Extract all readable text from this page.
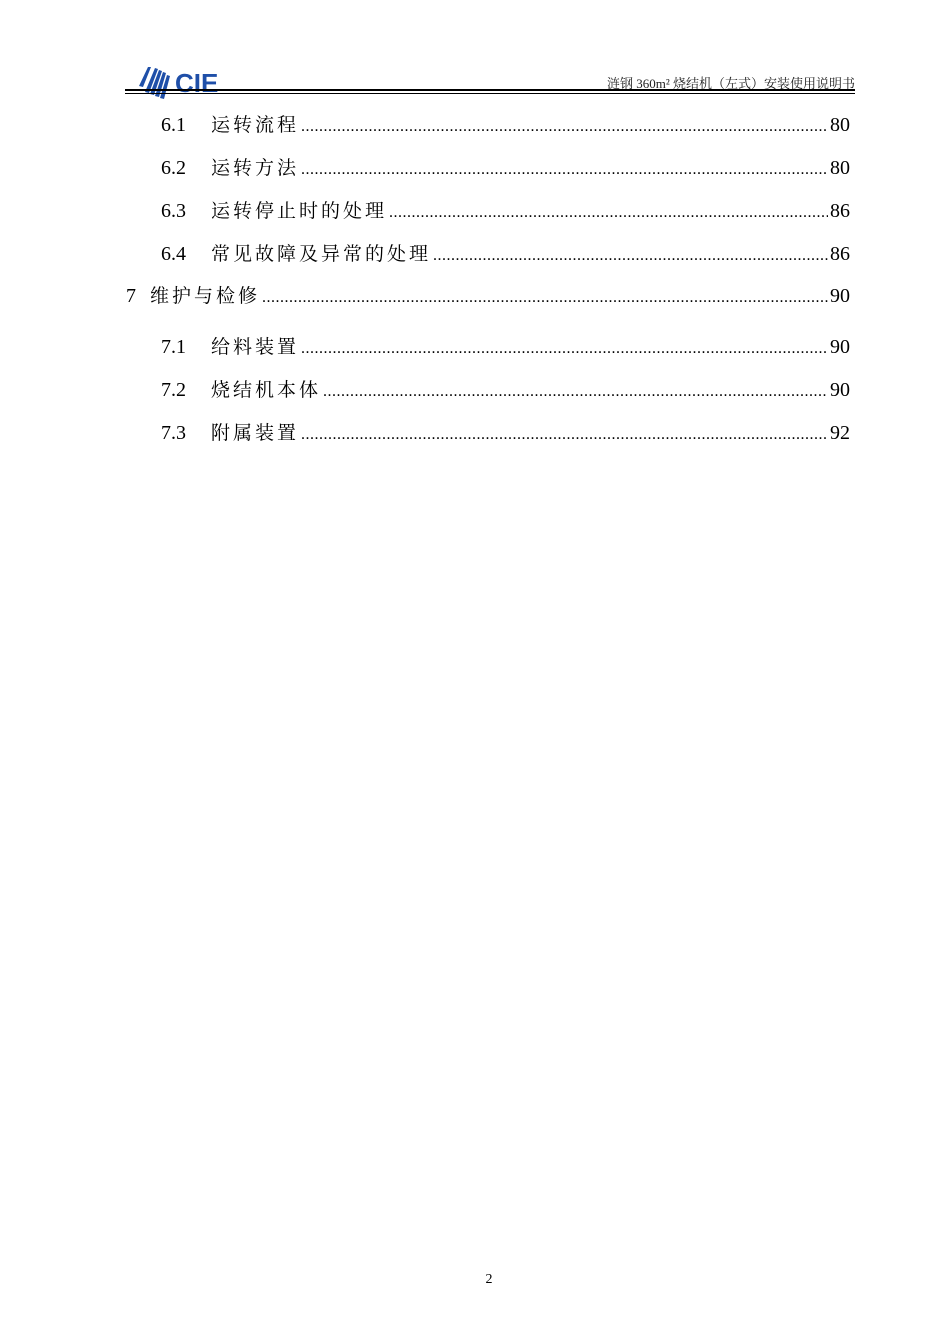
CIE	涟钢 360m² 烧结机（左式）安装使用说明书
6.1	运转流程 .....	80
6.2	运转方法 .....	80
6.3	运转停止时的处理 .....	86
6.4	常见故障及异常的处理 .....	86
7 维护与检修 .....	90
7.1	给料装置 .....	90
7.2	烧结机本体 .....	90
7.3	附属装置 .....	92
2
